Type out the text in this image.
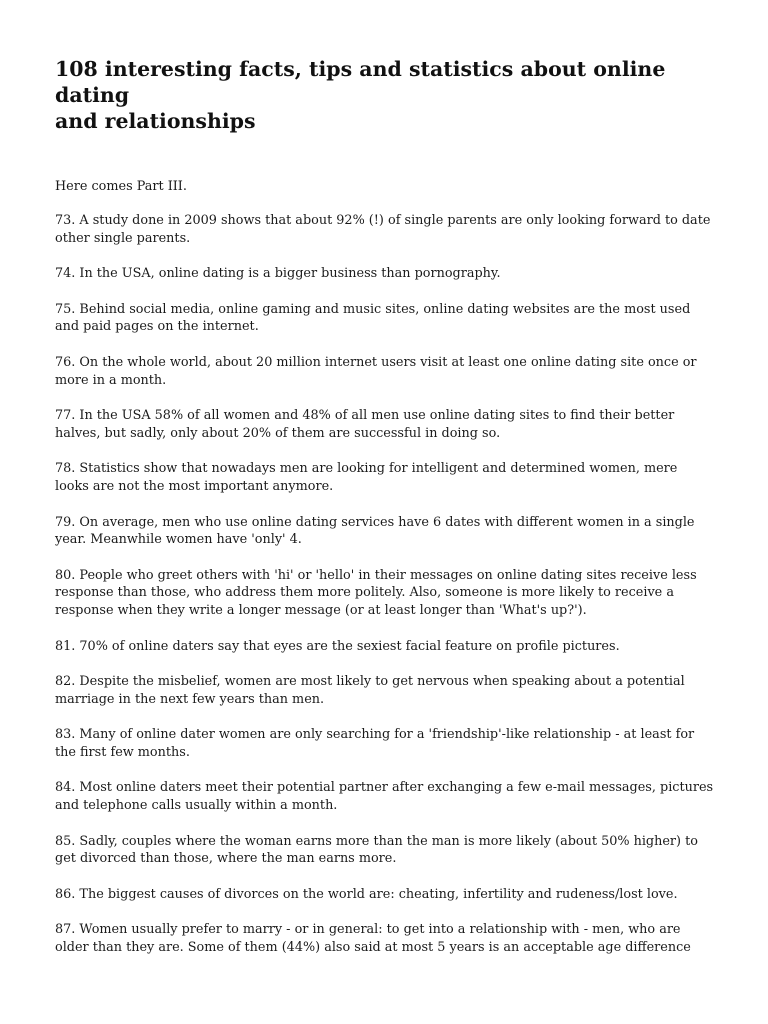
108 interesting facts, tips and statistics about online dating
and relationships

Here comes Part III.

73. A study done in 2009 shows that about 92% (!) of single parents are only looking forward to date
other single parents.
74. In the USA, online dating is a bigger business than pornography.
75. Behind social media, online gaming and music sites, online dating websites are the most used
and paid pages on the internet.
76. On the whole world, about 20 million internet users visit at least one online dating site once or
more in a month.
77. In the USA 58% of all women and 48% of all men use online dating sites to find their better
halves, but sadly, only about 20% of them are successful in doing so.
78. Statistics show that nowadays men are looking for intelligent and determined women, mere
looks are not the most important anymore.
79. On average, men who use online dating services have 6 dates with different women in a single
year. Meanwhile women have 'only' 4.
80. People who greet others with 'hi' or 'hello' in their messages on online dating sites receive less
response than those, who address them more politely. Also, someone is more likely to receive a
response when they write a longer message (or at least longer than 'What's up?').
81. 70% of online daters say that eyes are the sexiest facial feature on profile pictures.
82. Despite the misbelief, women are most likely to get nervous when speaking about a potential
marriage in the next few years than men.
83. Many of online dater women are only searching for a 'friendship'-like relationship - at least for
the first few months.
84. Most online daters meet their potential partner after exchanging a few e-mail messages, pictures
and telephone calls usually within a month.
85. Sadly, couples where the woman earns more than the man is more likely (about 50% higher) to
get divorced than those, where the man earns more.
86. The biggest causes of divorces on the world are: cheating, infertility and rudeness/lost love.
87. Women usually prefer to marry - or in general: to get into a relationship with - men, who are
older than they are. Some of them (44%) also said at most 5 years is an acceptable age difference
